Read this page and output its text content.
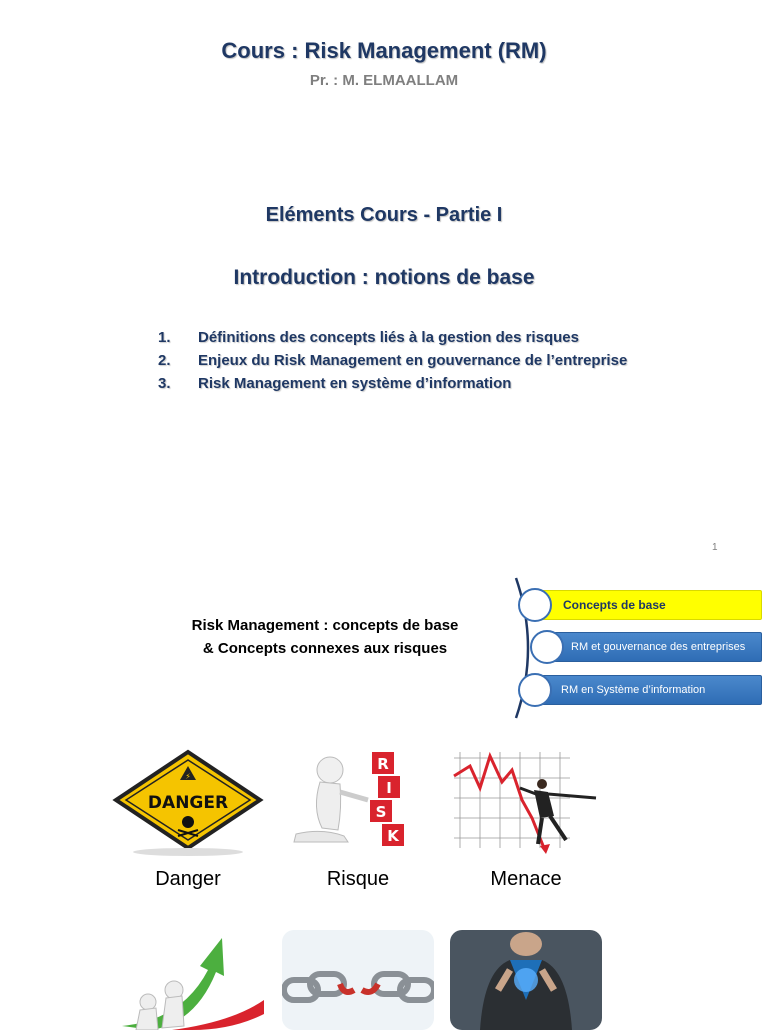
Cours : Risk Management (RM)
Pr. : M. ELMAALLAM
Eléments Cours - Partie I
Introduction : notions de base
1. Définitions des concepts liés à la gestion des risques
2. Enjeux du Risk Management en gouvernance de l’entreprise
3. Risk Management en système d’information
1
Risk Management : concepts de base
& Concepts connexes aux risques
Concepts de base
RM et gouvernance des entreprises
RM en Système d’information
⚡
DANGER
R
I
S
K
Danger	Risque	Menace
